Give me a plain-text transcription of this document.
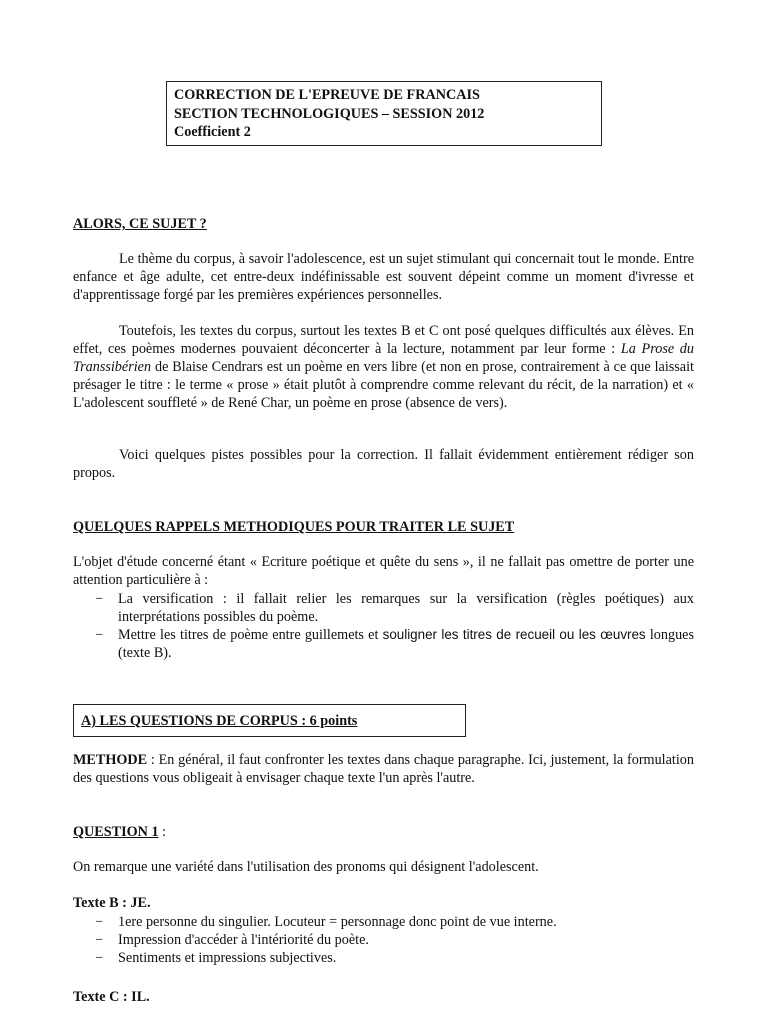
CORRECTION DE L'EPREUVE DE FRANCAIS
SECTION TECHNOLOGIQUES – SESSION 2012
Coefficient 2
ALORS, CE SUJET ?
Le thème du corpus, à savoir l'adolescence, est un sujet stimulant qui concernait tout le monde. Entre enfance et âge adulte, cet entre-deux indéfinissable est souvent dépeint comme un moment d'ivresse et d'apprentissage forgé par les premières expériences personnelles.
Toutefois, les textes du corpus, surtout les textes B et C ont posé quelques difficultés aux élèves. En effet, ces poèmes modernes pouvaient déconcerter à la lecture, notamment par leur forme : La Prose du Transsibérien de Blaise Cendrars est un poème en vers libre (et non en prose, contrairement à ce que laissait présager le titre : le terme « prose » était plutôt à comprendre comme relevant du récit, de la narration) et « L'adolescent souffleté » de René Char, un poème en prose (absence de vers).
Voici quelques pistes possibles pour la correction. Il fallait évidemment entièrement rédiger son propos.
QUELQUES RAPPELS METHODIQUES POUR TRAITER LE SUJET
L'objet d'étude concerné étant « Ecriture poétique et quête du sens », il ne fallait pas omettre de porter une attention particulière à :
− La versification : il fallait relier les remarques sur la versification (règles poétiques) aux interprétations possibles du poème.
− Mettre les titres de poème entre guillemets et souligner les titres de recueil ou les œuvres longues (texte B).
A) LES QUESTIONS DE CORPUS : 6 points
METHODE : En général, il faut confronter les textes dans chaque paragraphe. Ici, justement, la formulation des questions vous obligeait à envisager chaque texte l'un après l'autre.
QUESTION 1 :
On remarque une variété dans l'utilisation des pronoms qui désignent l'adolescent.
Texte B : JE.
− 1ere personne du singulier. Locuteur = personnage donc point de vue interne.
− Impression d'accéder à l'intériorité du poète.
− Sentiments et impressions subjectives.
Texte C : IL.
